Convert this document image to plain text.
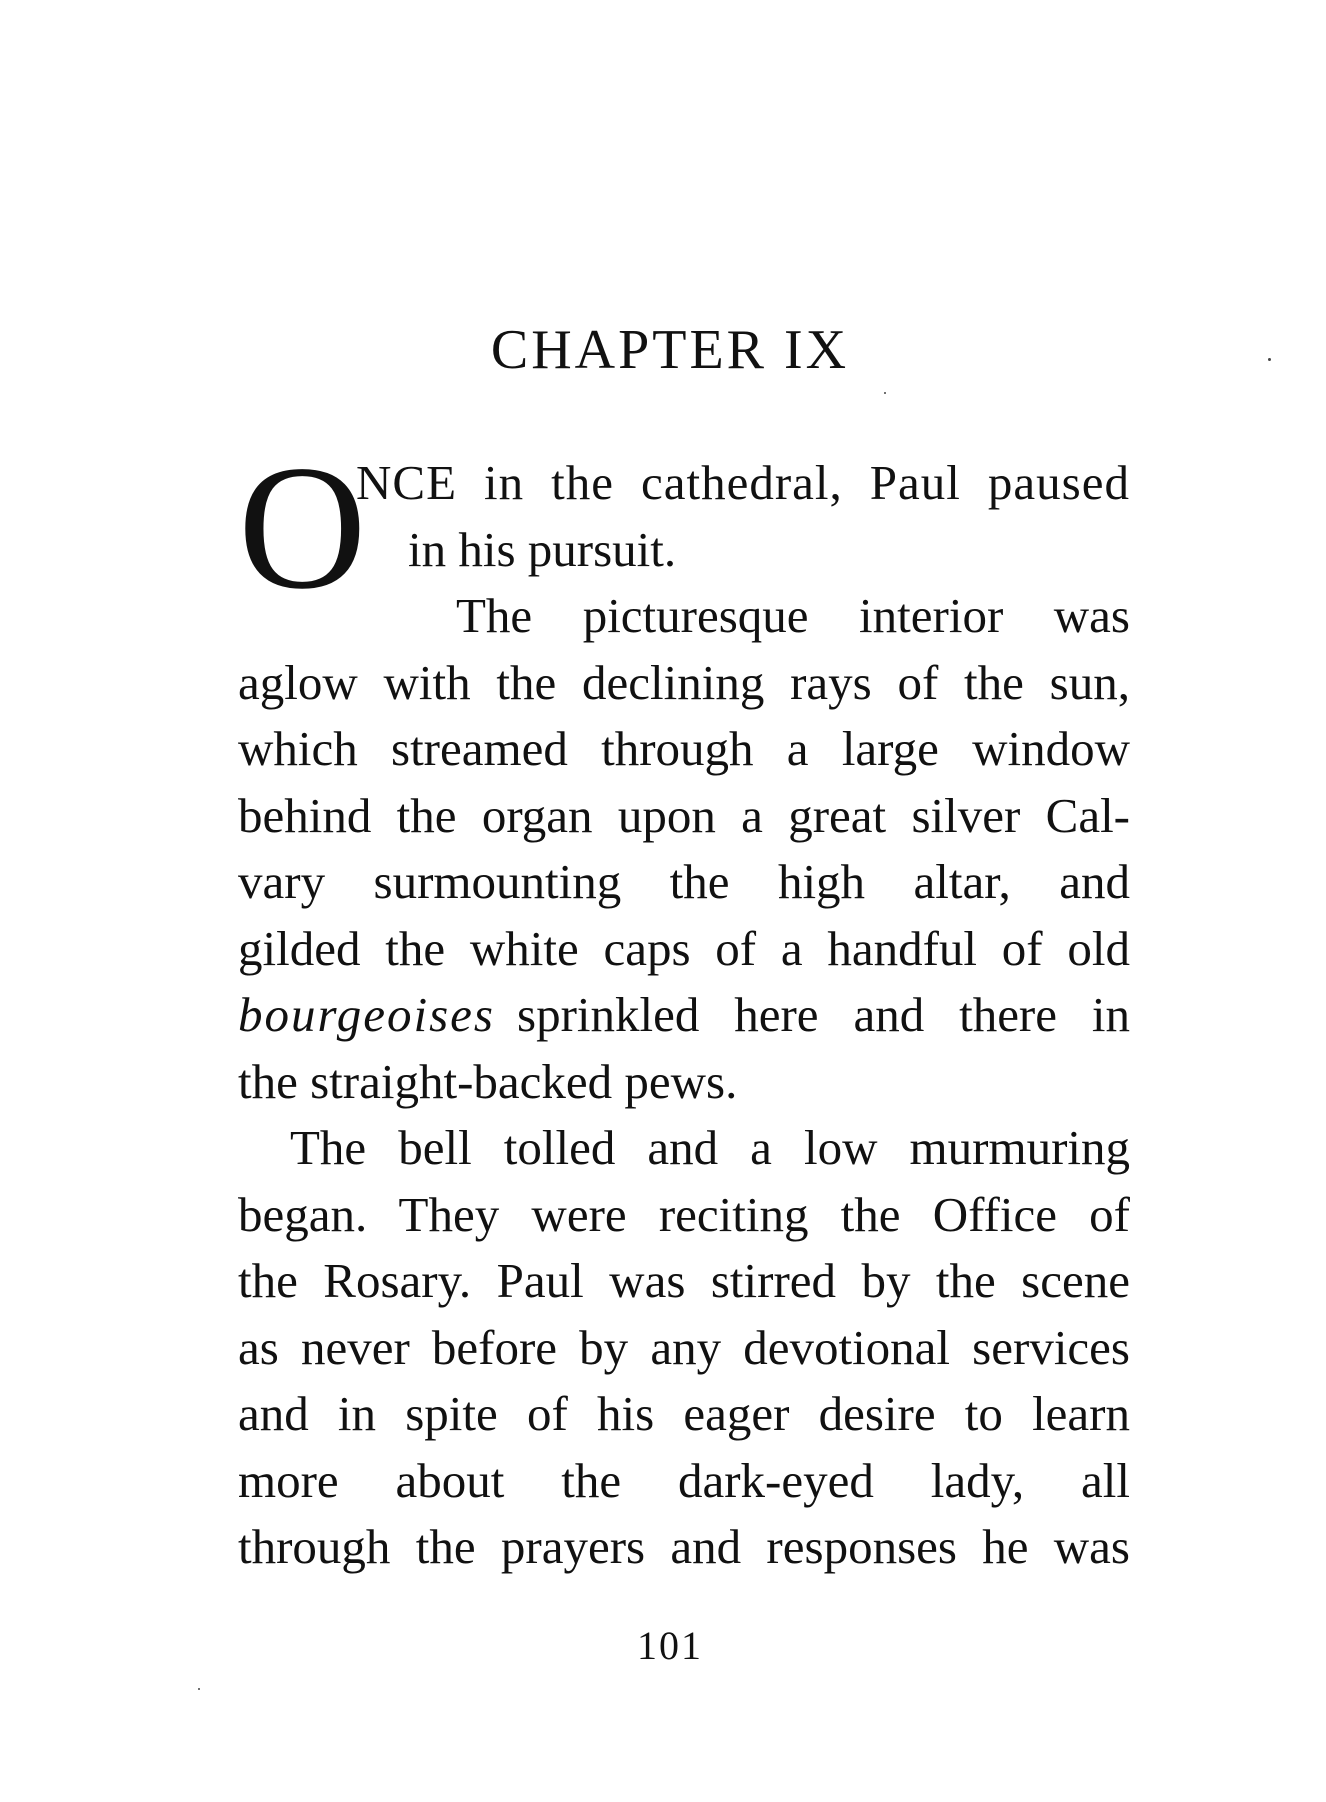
CHAPTER IX
O
NCE in the cathedral, Paul paused
in his pursuit.
The picturesque interior was
aglow with the declining rays of the sun,
which streamed through a large window
behind the organ upon a great silver Cal-
vary surmounting the high altar, and
gilded the white caps of a handful of old
bourgeoises sprinkled here and there in
the straight-backed pews.
The bell tolled and a low murmuring
began. They were reciting the Office of
the Rosary. Paul was stirred by the scene
as never before by any devotional services
and in spite of his eager desire to learn
more about the dark-eyed lady, all
through the prayers and responses he was
101
